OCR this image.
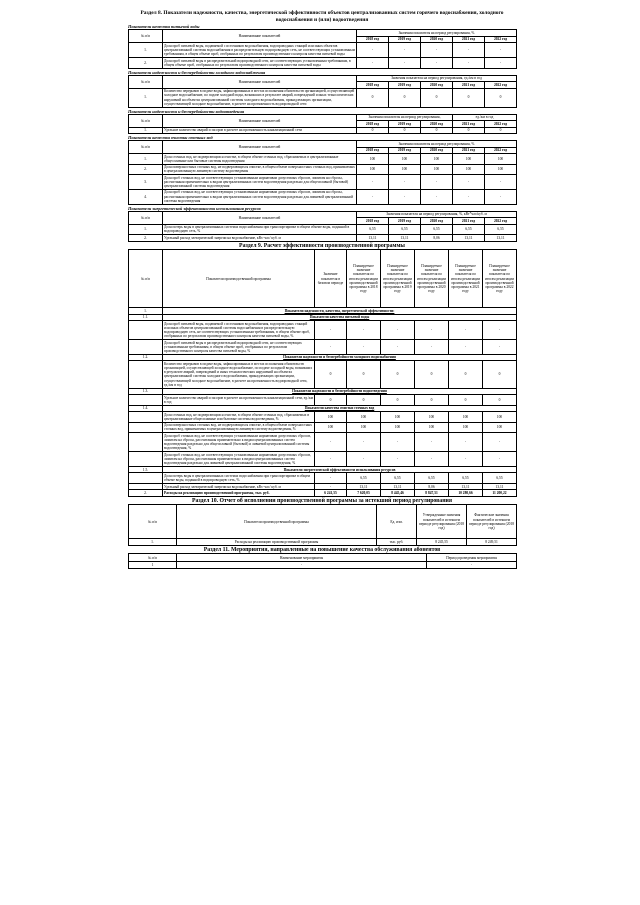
Раздел 8. Показатели надежности, качества, энергетической эффективности объектов централизованных систем горячего водоснабжения, холодного водоснабжения и (или) водоотведения
Показатели качества питьевой воды
№ п/п	Наименование показателей	Значения показателя на период регулирования, %				
		2018 год	2019 год	2020 год	2021 год	2022 год
1.	Доля проб питьевой воды, подаваемой с источников водоснабжения, водопроводных станций или иных объектов централизованной системы водоснабжения в распределительную водопроводную сеть, не соответствующих установленным требованиям, в общем объеме проб, отобранных по результатам производственного контроля качества питьевой воды	-	-	-	-	-
2.	Доля проб питьевой воды в распределительной водопроводной сети, не соответствующих установленным требованиям, в общем объеме проб, отобранных по результатам производственного контроля качества питьевой воды	-	-	-	-	-
Показатели надежности и бесперебойности холодного водоснабжения
№ п/п	Наименование показателей	Значения показателя на период регулирования, ед./км в год				
		2018 год	2019 год	2020 год	2021 год	2022 год
1.	Количество перерывов в подаче воды, зафиксированных в местах исполнения обязательств организацией, осуществляющей холодное водоснабжение, по подаче холодной воды, возникших в результате аварий, повреждений и иных технологических нарушений на объектах централизованной системы холодного водоснабжения, принадлежащих организации, осуществляющей холодное водоснабжение, в расчете на протяженность водопроводной сети	0	0	0	0	0
Показатели надежности и бесперебойности водоотведения
№ п/п	Наименование показателей	Значения показателя на период регулирования,			ед./км в год	
		2018 год	2019 год	2020 год	2021 год	2022 год
1.	Удельное количество аварий и засоров в расчете на протяженность канализационной сети	0	0	0	0	0
Показатели качества очистки сточных вод
№ п/п	Наименование показателей	Значения показателя на период регулирования, %				
		2018 год	2019 год	2020 год	2021 год	2022 год
1.	Доля сточных вод, не подвергающихся очистке, в общем объеме сточных вод, сбрасываемых в централизованные общесплавные или бытовые системы водоотведения	100	100	100	100	100
2.	Доля поверхностных сточных вод, не подвергающихся очистке, в общем объеме поверхностных сточных вод, принимаемых в централизованную ливневую систему водоотведения	100	100	100	100	100
3.	Доля проб сточных вод, не соответствующих установленным нормативам допустимых сбросов, лимитам на сбросы, рассчитанная применительно к видам централизованных систем водоотведения раздельно для общесплавной (бытовой) централизованной системы водоотведения	-	-	-	-	-
4.	Доля проб сточных вод, не соответствующих установленным нормативам допустимых сбросов, лимитам на сбросы, рассчитанная применительно к видам централизованных систем водоотведения раздельно для ливневой централизованной системы водоотведения	-	-	-	-	-
Показатели энергетической эффективности использования ресурсов
№ п/п	Наименование показателей	Значения показателя на период регулирования, %, кВт*час/куб. м				
		2018 год	2019 год	2020 год	2021 год	2022 год
1.	Доля потерь воды в централизованных системах водоснабжения при транспортировке в общем объеме воды, поданной в водопроводную сеть, %	6,55	6,55	6,55	6,55	6,55
2.	Удельный расход электрической энергии на водоснабжение, кВт.-час/ куб. м	13,11	13,11	8,06	13,11	13,11
Раздел 9. Расчет эффективности производственной программы
№ п/п	Показатели производственной программы	Значение показателя в базовом периоде	Планируемое значение показателя по итогам реализации производственной программы в 2018 году	Планируемое значение показателя по итогам реализации производственной программы в 2019 году	Планируемое значение показателя по итогам реализации производственной программы в 2020 году	Планируемое значение показателя по итогам реализации производственной программы в 2021 году	Планируемое значение показателя по итогам реализации производственной программы в 2022 году
1.	Показатели надежности, качества, энергетической эффективности:						
1.1.	Показатели качества питьевой воды						
	Доля проб питьевой воды, подаваемой с источников водоснабжения, водопроводных станций или иных объектов централизованной системы водоснабжения в распределительную водопроводную сеть, не соответствующих установленным требованиям, в общем объеме проб, отобранных по результатам производственного контроля качества питьевой воды, %	-	-	-	-	-	-
	Доля проб питьевой воды в распределительной водопроводной сети, не соответствующих установленным требованиям, в общем объеме проб, отобранных по результатам производственного контроля качества питьевой воды, %	-	-	-	-	-	-
1.2.	Показатели надежности и бесперебойности холодного водоснабжения						
	Количество перерывов в подаче воды, зафиксированных в местах исполнения обязательств организацией, осуществляющей холодное водоснабжение, по подаче холодной воды, возникших в результате аварий, повреждений и иных технологических нарушений на объектах централизованной системы холодного водоснабжения, принадлежащих организации, осуществляющей холодное водоснабжение, в расчете на протяженность водопроводной сети, ед./км в год	0	0	0	0	0	0
1.3.	Показатели надежности и бесперебойности водоотведения						
	Удельное количество аварий и засоров в расчете на протяженность канализационной сети, ед./км в год	0	0	0	0	0	0
1.4.	Показатели качества очистки сточных вод						
	Доля сточных вод, не подвергающихся очистке, в общем объеме сточных вод, сбрасываемых в централизованные общесплавные или бытовые системы водоотведения, %	100	100	100	100	100	100
	Доля поверхностных сточных вод, не подвергающихся очистке, в общем объеме поверхностных сточных вод, принимаемых в централизованную ливневую систему водоотведения, %	100	100	100	100	100	100
	Доля проб сточных вод, не соответствующих установленным нормативам допустимых сбросов, лимитам на сбросы, рассчитанная применительно к видам централизованных систем водоотведения раздельно для общесплавной (бытовой) и ливневой централизованной системы водоотведения, %	-	-	-	-	-	-
	Доля проб сточных вод, не соответствующих установленным нормативам допустимых сбросов, лимитам на сбросы, рассчитанная применительно к видам централизованных систем водоотведения раздельно для ливневой централизованной системы водоотведения, %	-	-	-	-	-	-
1.5.	Показатели энергетической эффективности использования ресурсов						
	Доля потерь воды в централизованных системах водоснабжения при транспортировке в общем объеме воды, поданной в водопроводную сеть, %	-	6,55	6,55	6,55	6,55	6,55
	Удельный расход электрической энергии на водоснабжение, кВт.-час/ куб. м	-	13,11	13,11	8,06	13,11	13,11
2.	Расходы на реализацию производственной программы, тыс. руб.	6 241,55	7 620,05	8 445,46	8 847,51	10 280,66	11 200,22
Раздел 10. Отчет об исполнении производственной программы за истекший период регулирования
№ п/п	Показатели производственной программы	Ед. изм.	Утвержденные значения показателей в истекшем периоде регулирования (2018 год)	Фактические значения показателей в истекшем периоде регулирования (2018 год)
1.	Расходы на реализацию производственной программы	тыс. руб.	8 245,55	8 249,51
Раздел 11. Мероприятия, направленные на повышение качества обслуживания абонентов
№ п/п	Наименование мероприятия	Период проведения мероприятия
1	-	-
